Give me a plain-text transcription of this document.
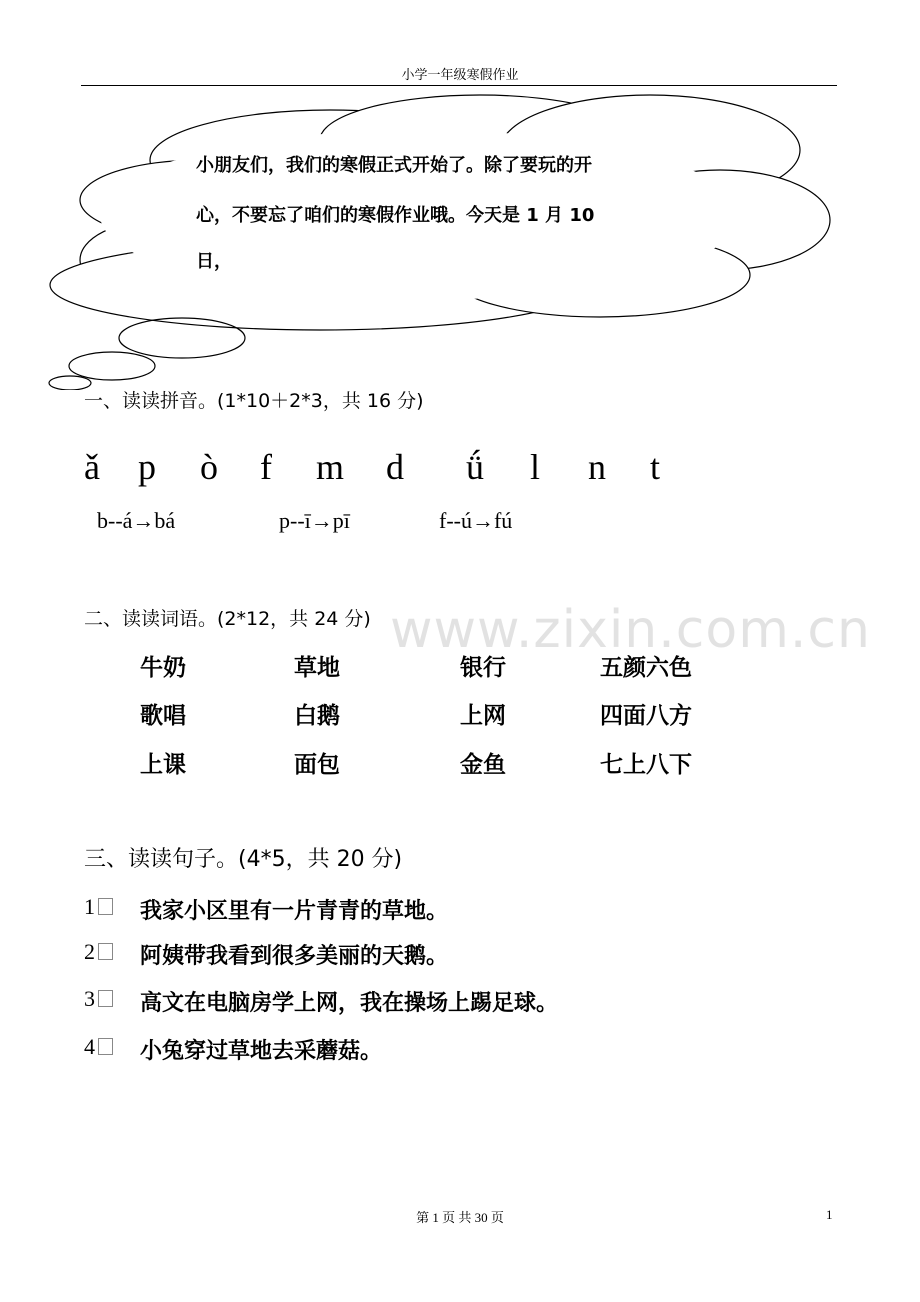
www.zixin.com.cn
小学一年级寒假作业
小朋友们，我们的寒假正式开始了。除了要玩的开
心，不要忘了咱们的寒假作业哦。今天是 1 月 10
日，
一、读读拼音。(1*10＋2*3，共 16 分)
ǎ p ò f m d ǘ l n t
b--á→bá	p--ī→pī	f--ú→fú
二、读读词语。(2*12，共 24 分)
牛奶	草地	银行	五颜六色
歌唱	白鹅	上网	四面八方
上课	面包	金鱼	七上八下
三、读读句子。(4*5，共 20 分)
1	我家小区里有一片青青的草地。
2	阿姨带我看到很多美丽的天鹅。
3	高文在电脑房学上网，我在操场上踢足球。
4	小兔穿过草地去采蘑菇。
第 1 页 共 30 页	1
